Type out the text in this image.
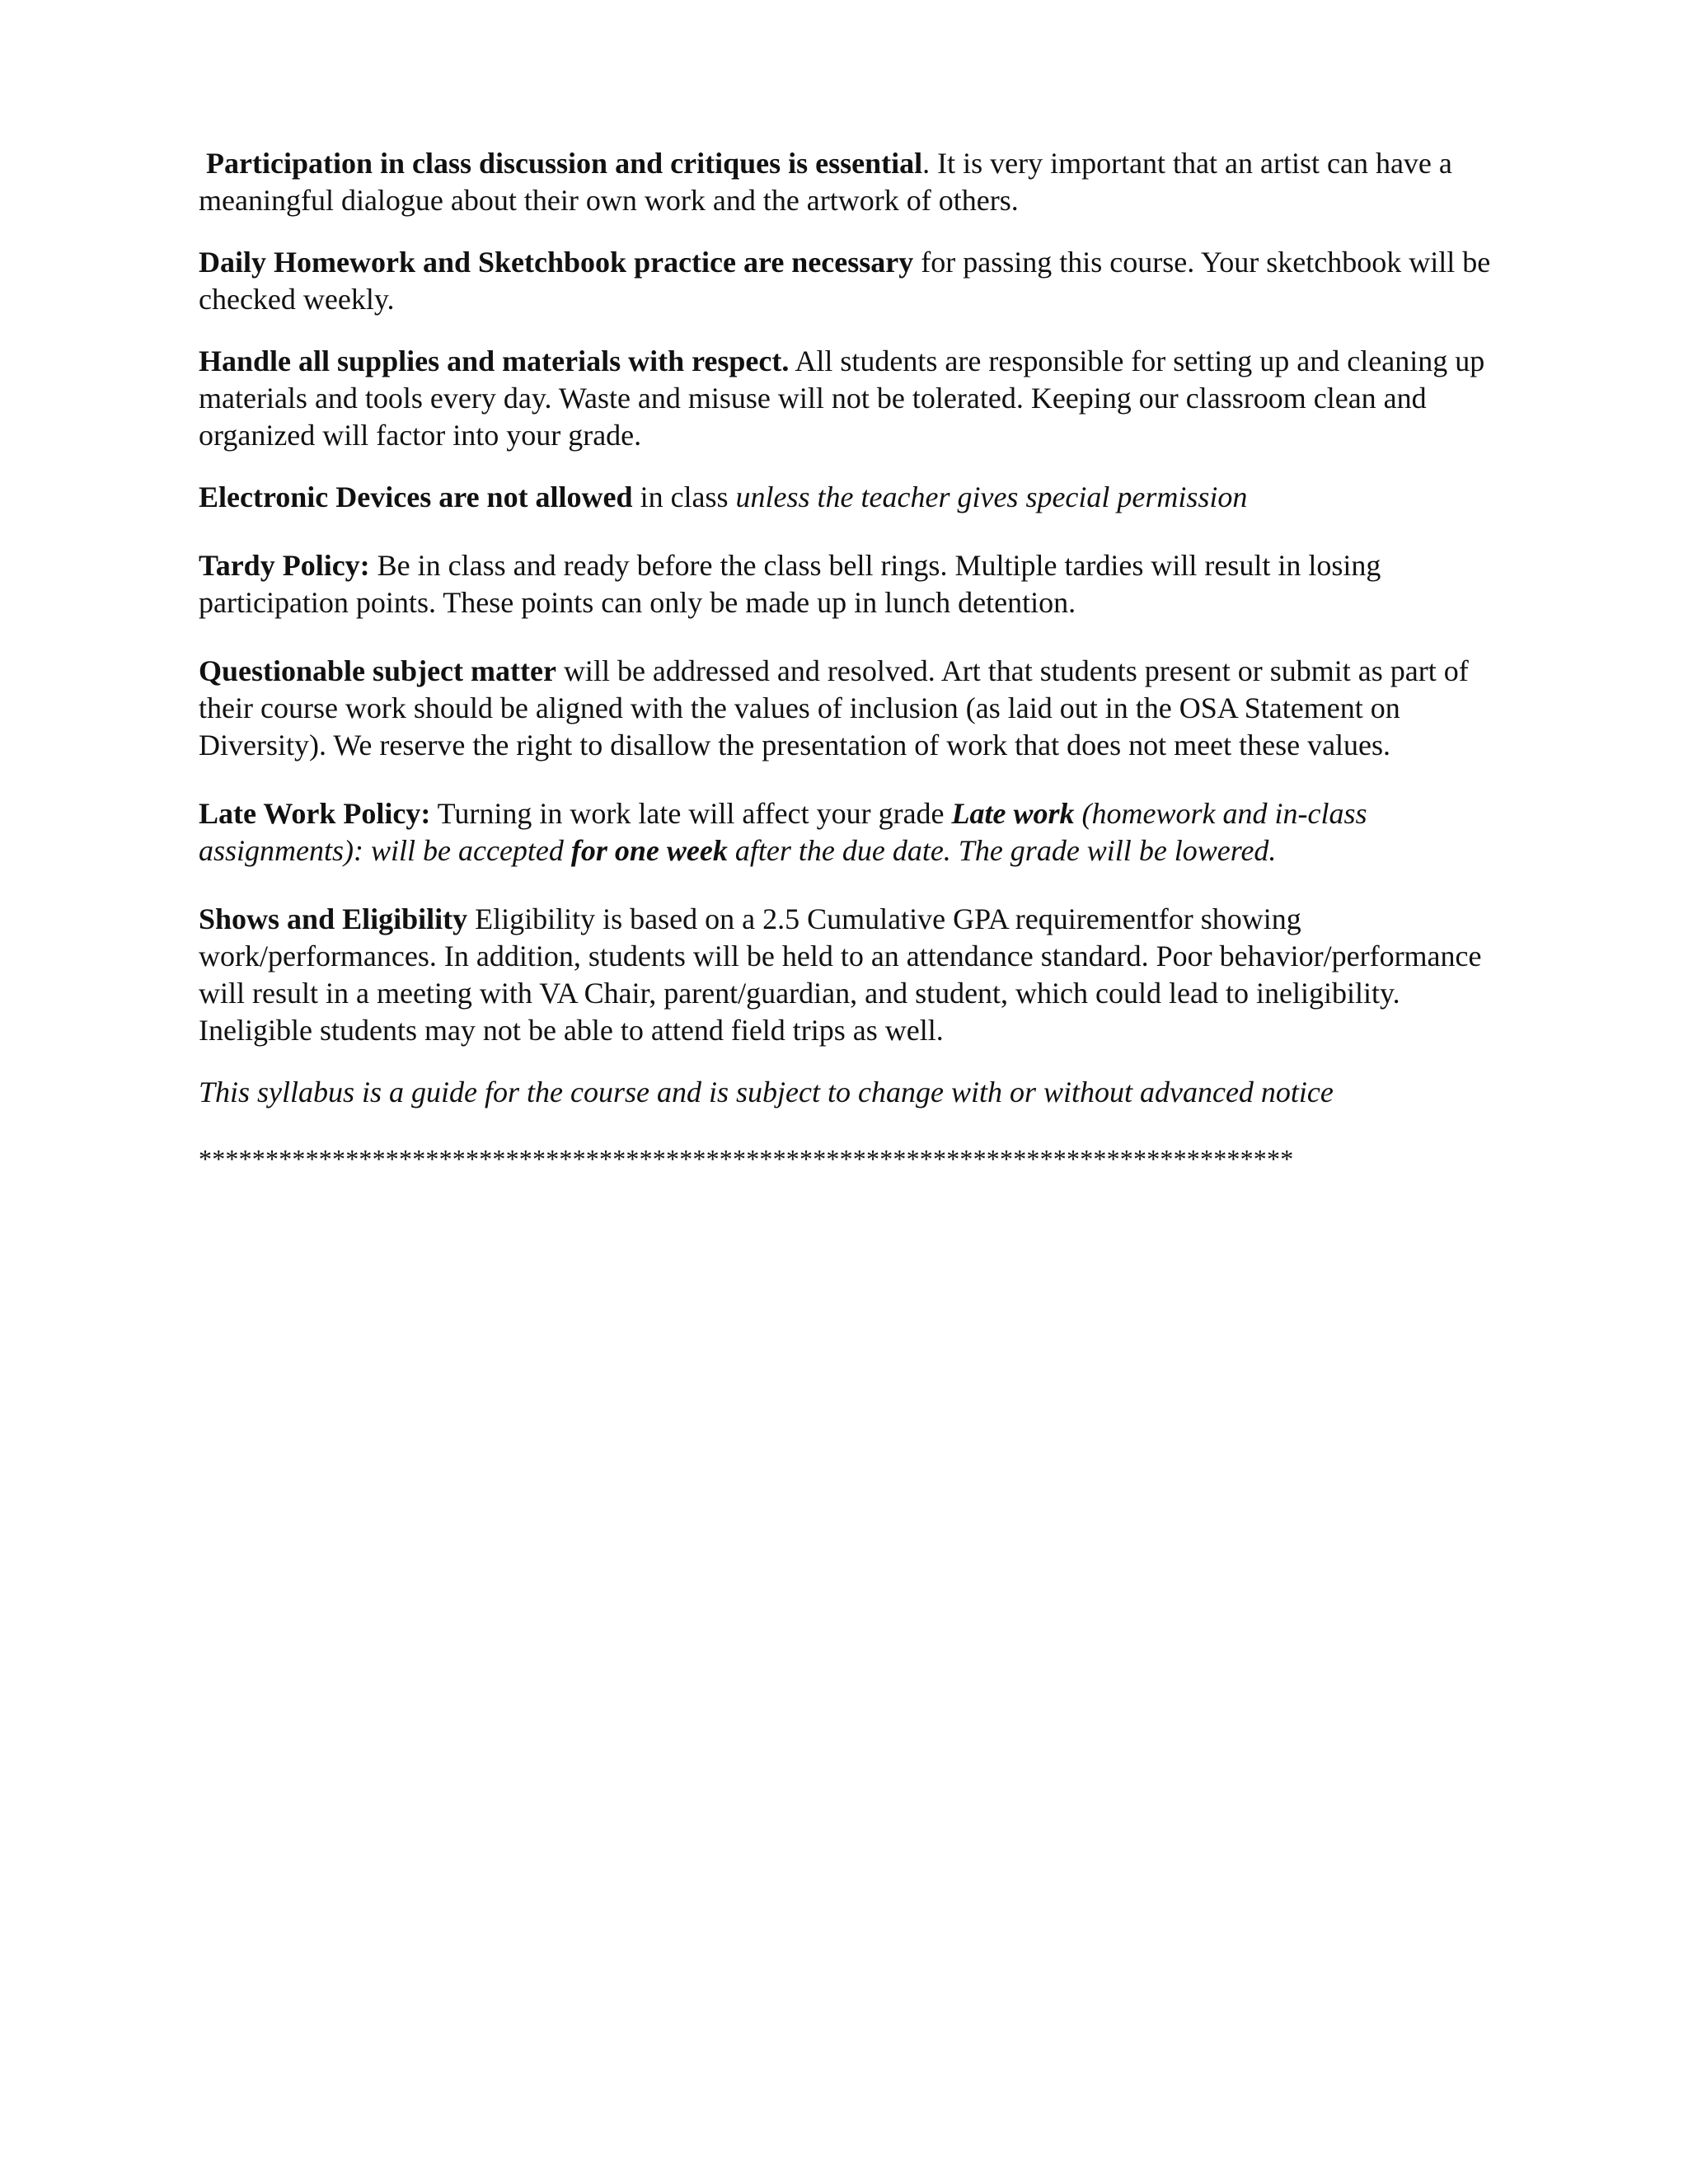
Participation in class discussion and critiques is essential. It is very important that an artist can have a meaningful dialogue about their own work and the artwork of others.

Daily Homework and Sketchbook practice are necessary for passing this course. Your sketchbook will be checked weekly.

Handle all supplies and materials with respect. All students are responsible for setting up and cleaning up materials and tools every day. Waste and misuse will not be tolerated. Keeping our classroom clean and organized will factor into your grade.

Electronic Devices are not allowed in class unless the teacher gives special permission

Tardy Policy: Be in class and ready before the class bell rings. Multiple tardies will result in losing participation points. These points can only be made up in lunch detention.

Questionable subject matter will be addressed and resolved. Art that students present or submit as part of their course work should be aligned with the values of inclusion (as laid out in the OSA Statement on Diversity). We reserve the right to disallow the presentation of work that does not meet these values.

Late Work Policy: Turning in work late will affect your grade Late work (homework and in-class assignments): will be accepted for one week after the due date. The grade will be lowered.

Shows and Eligibility Eligibility is based on a 2.5 Cumulative GPA requirementfor showing work/performances. In addition, students will be held to an attendance standard. Poor behavior/performance will result in a meeting with VA Chair, parent/guardian, and student, which could lead to ineligibility. Ineligible students may not be able to attend field trips as well.

This syllabus is a guide for the course and is subject to change with or without advanced notice

**********************************************************************************
